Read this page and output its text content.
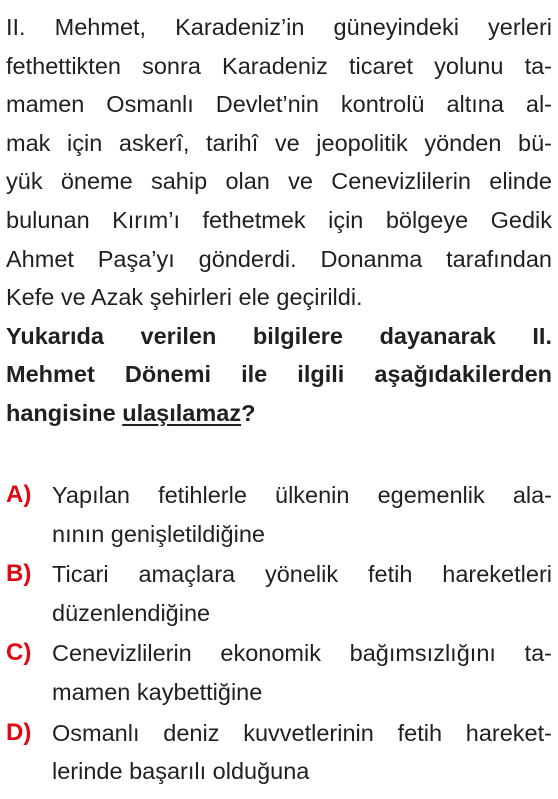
II. Mehmet, Karadeniz’in güneyindeki yerleri

fethettikten sonra Karadeniz ticaret yolunu ta-

mamen Osmanlı Devlet’nin kontrolü altına al-

mak için askerî, tarihî ve jeopolitik yönden bü-

yük öneme sahip olan ve Cenevizlilerin elinde

bulunan Kırım’ı fethetmek için bölgeye Gedik

Ahmet Paşa’yı gönderdi. Donanma tarafından

Kefe ve Azak şehirleri ele geçirildi.

Yukarıda verilen bilgilere dayanarak II.

Mehmet Dönemi ile ilgili aşağıdakilerden

hangisine ulaşılamaz?

A) Yapılan fetihlerle ülkenin egemenlik ala-

nının genişletildiğine

B) Ticari amaçlara yönelik fetih hareketleri

düzenlendiğine

C) Cenevizlilerin ekonomik bağımsızlığını ta-

mamen kaybettiğine

D) Osmanlı deniz kuvvetlerinin fetih hareket-

lerinde başarılı olduğuna
